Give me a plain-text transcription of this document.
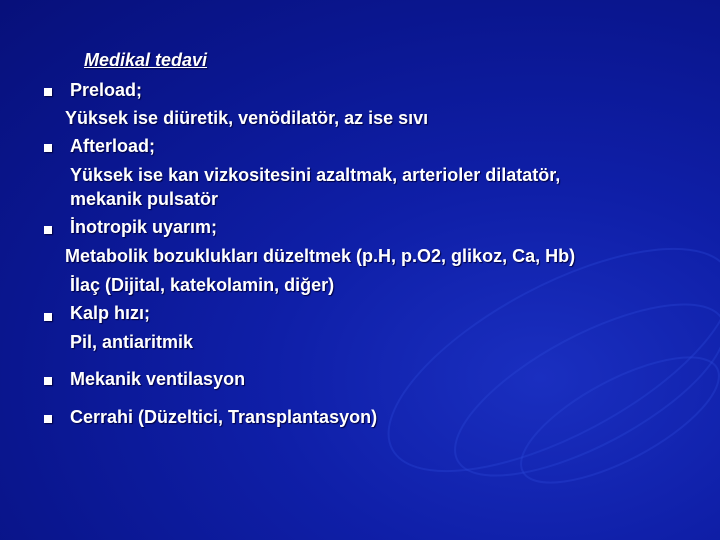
Medikal tedavi
Preload;
Yüksek ise diüretik, venödilatör, az ise sıvı
Afterload;
Yüksek ise kan vizkositesini azaltmak, arterioler dilatatör,
mekanik pulsatör
İnotropik uyarım;
Metabolik bozuklukları düzeltmek (p.H, p.O2, glikoz, Ca, Hb)
İlaç (Dijital, katekolamin, diğer)
Kalp hızı;
Pil, antiaritmik
Mekanik ventilasyon
Cerrahi (Düzeltici, Transplantasyon)
